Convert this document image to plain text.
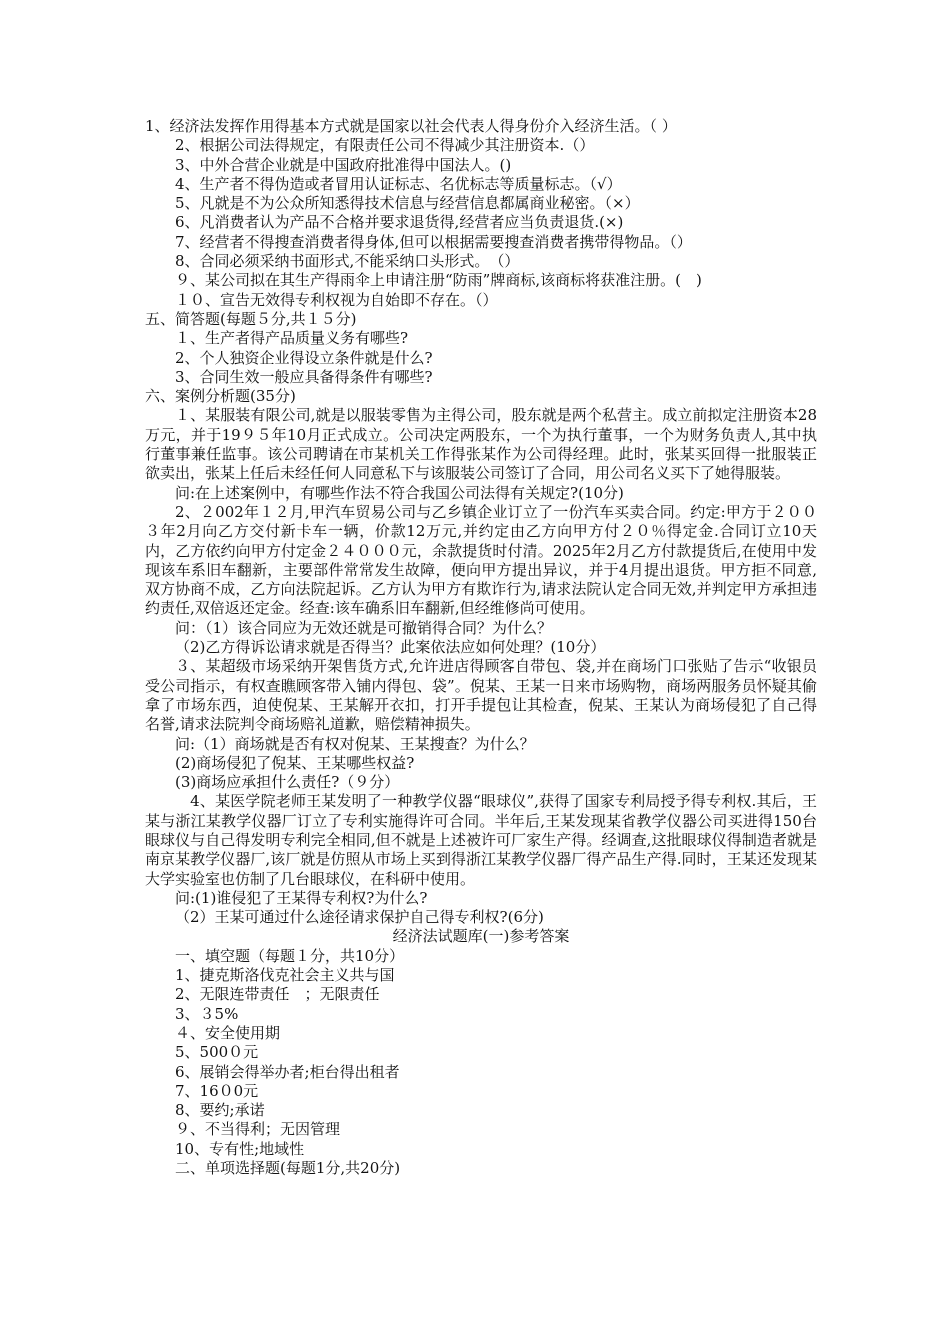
1、经济法发挥作用得基本方式就是国家以社会代表人得身份介入经济生活。（ ）
2、根据公司法得规定，有限责任公司不得减少其注册资本.（）
3、中外合营企业就是中国政府批准得中国法人。()
4、生产者不得伪造或者冒用认证标志、名优标志等质量标志。（√）
5、凡就是不为公众所知悉得技术信息与经营信息都属商业秘密。（×）
6、凡消费者认为产品不合格并要求退货得,经营者应当负责退货.(×)
7、经营者不得搜查消费者得身体,但可以根据需要搜查消费者携带得物品。（）
8、合同必须采纳书面形式,不能采纳口头形式。　（）
９、某公司拟在其生产得雨伞上申请注册“防雨”牌商标,该商标将获准注册。(　)
１０、宣告无效得专利权视为自始即不存在。（）
五、简答题(每题５分,共１５分)
１、生产者得产品质量义务有哪些?
2、个人独资企业得设立条件就是什么?
3、合同生效一般应具备得条件有哪些?
六、案例分析题(35分)

１、某服装有限公司,就是以服装零售为主得公司，股东就是两个私营主。成立前拟定注册资本28万元，并于19９５年10月正式成立。公司决定两股东，一个为执行董事，一个为财务负责人,其中执行董事兼任监事。该公司聘请在市某机关工作得张某作为公司得经理。此时，张某买回得一批服装正欲卖出，张某上任后未经任何人同意私下与该服装公司签订了合同，用公司名义买下了她得服装。

问:在上述案例中，有哪些作法不符合我国公司法得有关规定?(10分)

2、２002年１２月,甲汽车贸易公司与乙乡镇企业订立了一份汽车买卖合同。约定:甲方于２００３年2月向乙方交付新卡车一辆，价款12万元,并约定由乙方向甲方付２０％得定金.合同订立10天内，乙方依约向甲方付定金２４０００元，余款提货时付清。2025年2月乙方付款提货后,在使用中发现该车系旧车翻新，主要部件常常发生故障，便向甲方提出异议，并于4月提出退货。甲方拒不同意,双方协商不成，乙方向法院起诉。乙方认为甲方有欺诈行为,请求法院认定合同无效,并判定甲方承担违约责任,双倍返还定金。经查:该车确系旧车翻新,但经维修尚可使用。

问：（1）该合同应为无效还就是可撤销得合同？为什么？
（2)乙方得诉讼请求就是否得当？此案依法应如何处理？(10分）

３、某超级市场采纳开架售货方式,允许进店得顾客自带包、袋,并在商场门口张贴了告示“收银员受公司指示，有权查瞧顾客带入铺内得包、袋”。倪某、王某一日来市场购物，商场两服务员怀疑其偷拿了市场东西，迫使倪某、王某解开衣扣，打开手提包让其检查，倪某、王某认为商场侵犯了自己得名誉,请求法院判令商场赔礼道歉，赔偿精神损失。

问:（1）商场就是否有权对倪某、王某搜查？为什么？
(2)商场侵犯了倪某、王某哪些权益?
(3)商场应承担什么责任?（９分）

　4、某医学院老师王某发明了一种教学仪器“眼球仪”,获得了国家专利局授予得专利权.其后，王某与浙江某教学仪器厂订立了专利实施得许可合同。半年后,王某发现某省教学仪器公司买进得150台眼球仪与自己得发明专利完全相同,但不就是上述被许可厂家生产得。经调查,这批眼球仪得制造者就是南京某教学仪器厂,该厂就是仿照从市场上买到得浙江某教学仪器厂得产品生产得.同时，王某还发现某大学实验室也仿制了几台眼球仪，在科研中使用。

问:(1)谁侵犯了王某得专利权?为什么?
（2）王某可通过什么途径请求保护自己得专利权?(6分)
经济法试题库(一)参考答案
一、填空题（每题１分，共10分）
1、捷克斯洛伐克社会主义共与国
2、无限连带责任　；无限责任
3、３5%
４、安全使用期
5、500０元
6、展销会得举办者;柜台得出租者
7、16０0元
8、要约;承诺
９、不当得利；无因管理
10、专有性;地域性
二、单项选择题(每题1分,共20分)
